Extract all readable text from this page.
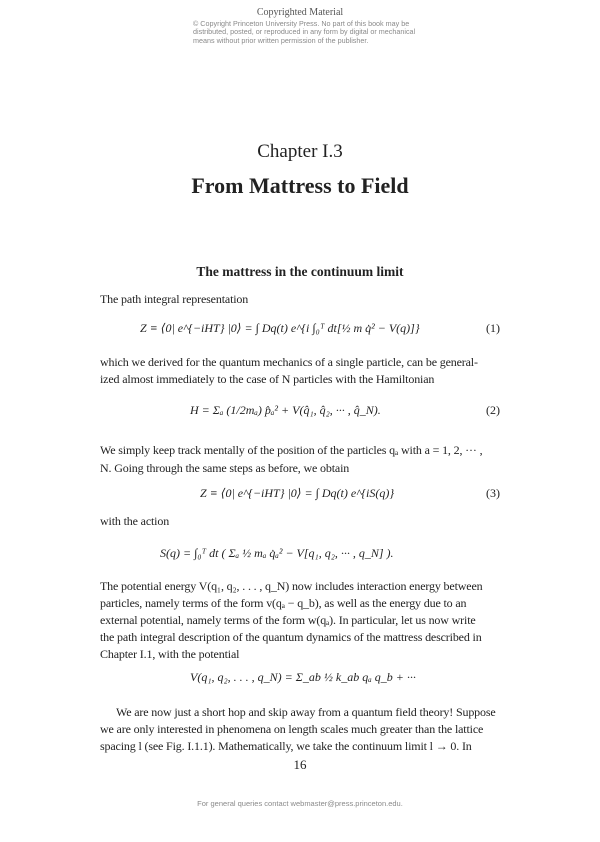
Copyrighted Material
© Copyright Princeton University Press. No part of this book may be
distributed, posted, or reproduced in any form by digital or mechanical
means without prior written permission of the publisher.
Chapter I.3
From Mattress to Field
The mattress in the continuum limit
The path integral representation
Z ≡ ⟨0| e^{−iHT} |0⟩ = ∫ Dq(t) e^{i ∫₀ᵀ dt[½ m q̇² − V(q)]}	(1)
which we derived for the quantum mechanics of a single particle, can be general-
ized almost immediately to the case of N particles with the Hamiltonian
H = Σₐ (1/2mₐ) p̂ₐ² + V(q̂₁, q̂₂, ··· , q̂_N).	(2)
We simply keep track mentally of the position of the particles qₐ with a = 1, 2, ··· ,
N. Going through the same steps as before, we obtain
Z ≡ ⟨0| e^{−iHT} |0⟩ = ∫ Dq(t) e^{iS(q)}	(3)
with the action
S(q) = ∫₀ᵀ dt ( Σₐ ½ mₐ q̇ₐ² − V[q₁, q₂, ··· , q_N] ).
The potential energy V(q₁, q₂, . . . , q_N) now includes interaction energy between
particles, namely terms of the form v(qₐ − q_b), as well as the energy due to an
external potential, namely terms of the form w(qₐ). In particular, let us now write
the path integral description of the quantum dynamics of the mattress described in
Chapter I.1, with the potential
V(q₁, q₂, . . . , q_N) = Σ_ab ½ k_ab qₐ q_b + ···
We are now just a short hop and skip away from a quantum field theory! Suppose
we are only interested in phenomena on length scales much greater than the lattice
spacing l (see Fig. I.1.1). Mathematically, we take the continuum limit l → 0. In
16
For general queries contact webmaster@press.princeton.edu.
